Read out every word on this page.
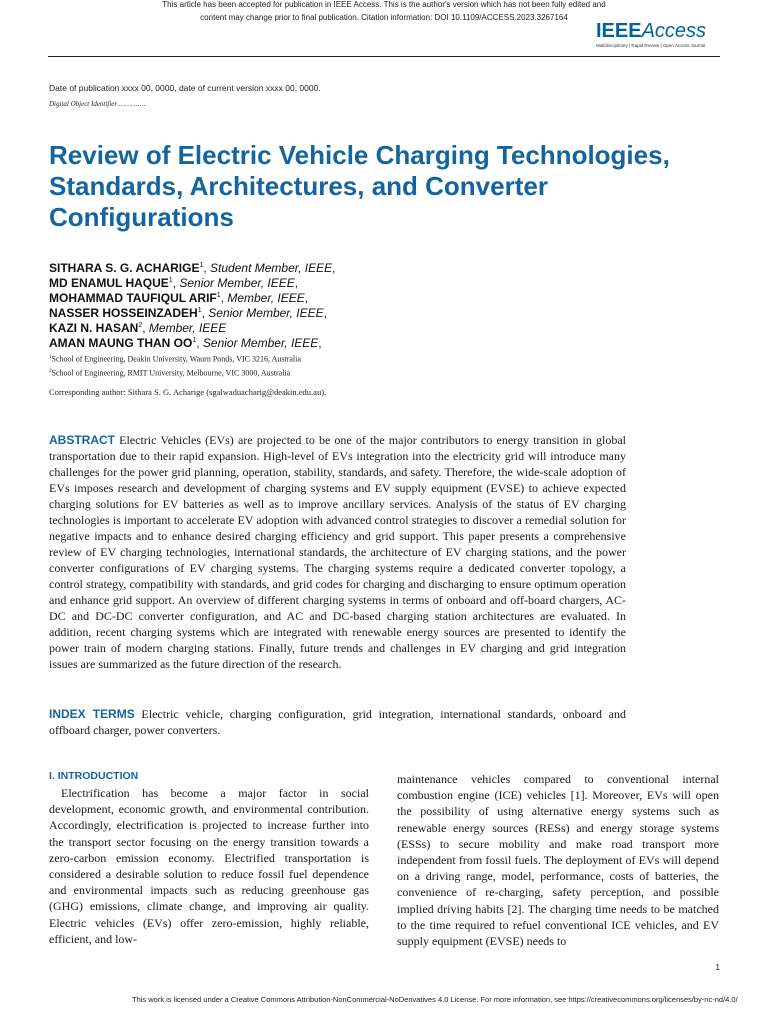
This article has been accepted for publication in IEEE Access. This is the author's version which has not been fully edited and
content may change prior to final publication. Citation information: DOI 10.1109/ACCESS.2023.3267164
IEEEAccess
Multidisciplinary | Rapid Review | Open Access Journal
Date of publication xxxx 00, 0000, date of current version xxxx 00, 0000.
Digital Object Identifier ………….
Review of Electric Vehicle Charging Technologies, Standards, Architectures, and Converter Configurations
SITHARA S. G. ACHARIGE$^1$, Student Member, IEEE,
MD ENAMUL HAQUE$^1$, Senior Member, IEEE,
MOHAMMAD TAUFIQUL ARIF$^1$, Member, IEEE,
NASSER HOSSEINZADEH$^1$, Senior Member, IEEE,
KAZI N. HASAN$^2$, Member, IEEE
AMAN MAUNG THAN $OO^1$, Senior Member, IEEE,
$^1$School of Engineering, Deakin University, Waurn Ponds, VIC 3216, Australia
$^2$School of Engineering, RMIT University, Melbourne, VIC 3000, Australia
Corresponding author: Sithara S. G. Acharige (sgalwaduacharig@deakin.edu.au).
ABSTRACT Electric Vehicles (EVs) are projected to be one of the major contributors to energy transition in global transportation due to their rapid expansion. High-level of EVs integration into the electricity grid will introduce many challenges for the power grid planning, operation, stability, standards, and safety. Therefore, the wide-scale adoption of EVs imposes research and development of charging systems and EV supply equipment (EVSE) to achieve expected charging solutions for EV batteries as well as to improve ancillary services. Analysis of the status of EV charging technologies is important to accelerate EV adoption with advanced control strategies to discover a remedial solution for negative impacts and to enhance desired charging efficiency and grid support. This paper presents a comprehensive review of EV charging technologies, international standards, the architecture of EV charging stations, and the power converter configurations of EV charging systems. The charging systems require a dedicated converter topology, a control strategy, compatibility with standards, and grid codes for charging and discharging to ensure optimum operation and enhance grid support. An overview of different charging systems in terms of onboard and off-board chargers, AC-DC and DC-DC converter configuration, and AC and DC-based charging station architectures are evaluated. In addition, recent charging systems which are integrated with renewable energy sources are presented to identify the power train of modern charging stations. Finally, future trends and challenges in EV charging and grid integration issues are summarized as the future direction of the research.
INDEX TERMS Electric vehicle, charging configuration, grid integration, international standards, onboard and offboard charger, power converters.
I. INTRODUCTION
Electrification has become a major factor in social development, economic growth, and environmental contribution. Accordingly, electrification is projected to increase further into the transport sector focusing on the energy transition towards a zero-carbon emission economy. Electrified transportation is considered a desirable solution to reduce fossil fuel dependence and environmental impacts such as reducing greenhouse gas (GHG) emissions, climate change, and improving air quality. Electric vehicles (EVs) offer zero-emission, highly reliable, efficient, and low-
maintenance vehicles compared to conventional internal combustion engine (ICE) vehicles [1]. Moreover, EVs will open the possibility of using alternative energy systems such as renewable energy sources (RESs) and energy storage systems (ESSs) to secure mobility and make road transport more independent from fossil fuels. The deployment of EVs will depend on a driving range, model, performance, costs of batteries, the convenience of re-charging, safety perception, and possible implied driving habits [2]. The charging time needs to be matched to the time required to refuel conventional ICE vehicles, and EV supply equipment (EVSE) needs to
1
This work is licensed under a Creative Commons Attribution-NonCommercial-NoDerivatives 4.0 License. For more information, see https://creativecommons.org/licenses/by-nc-nd/4.0/
